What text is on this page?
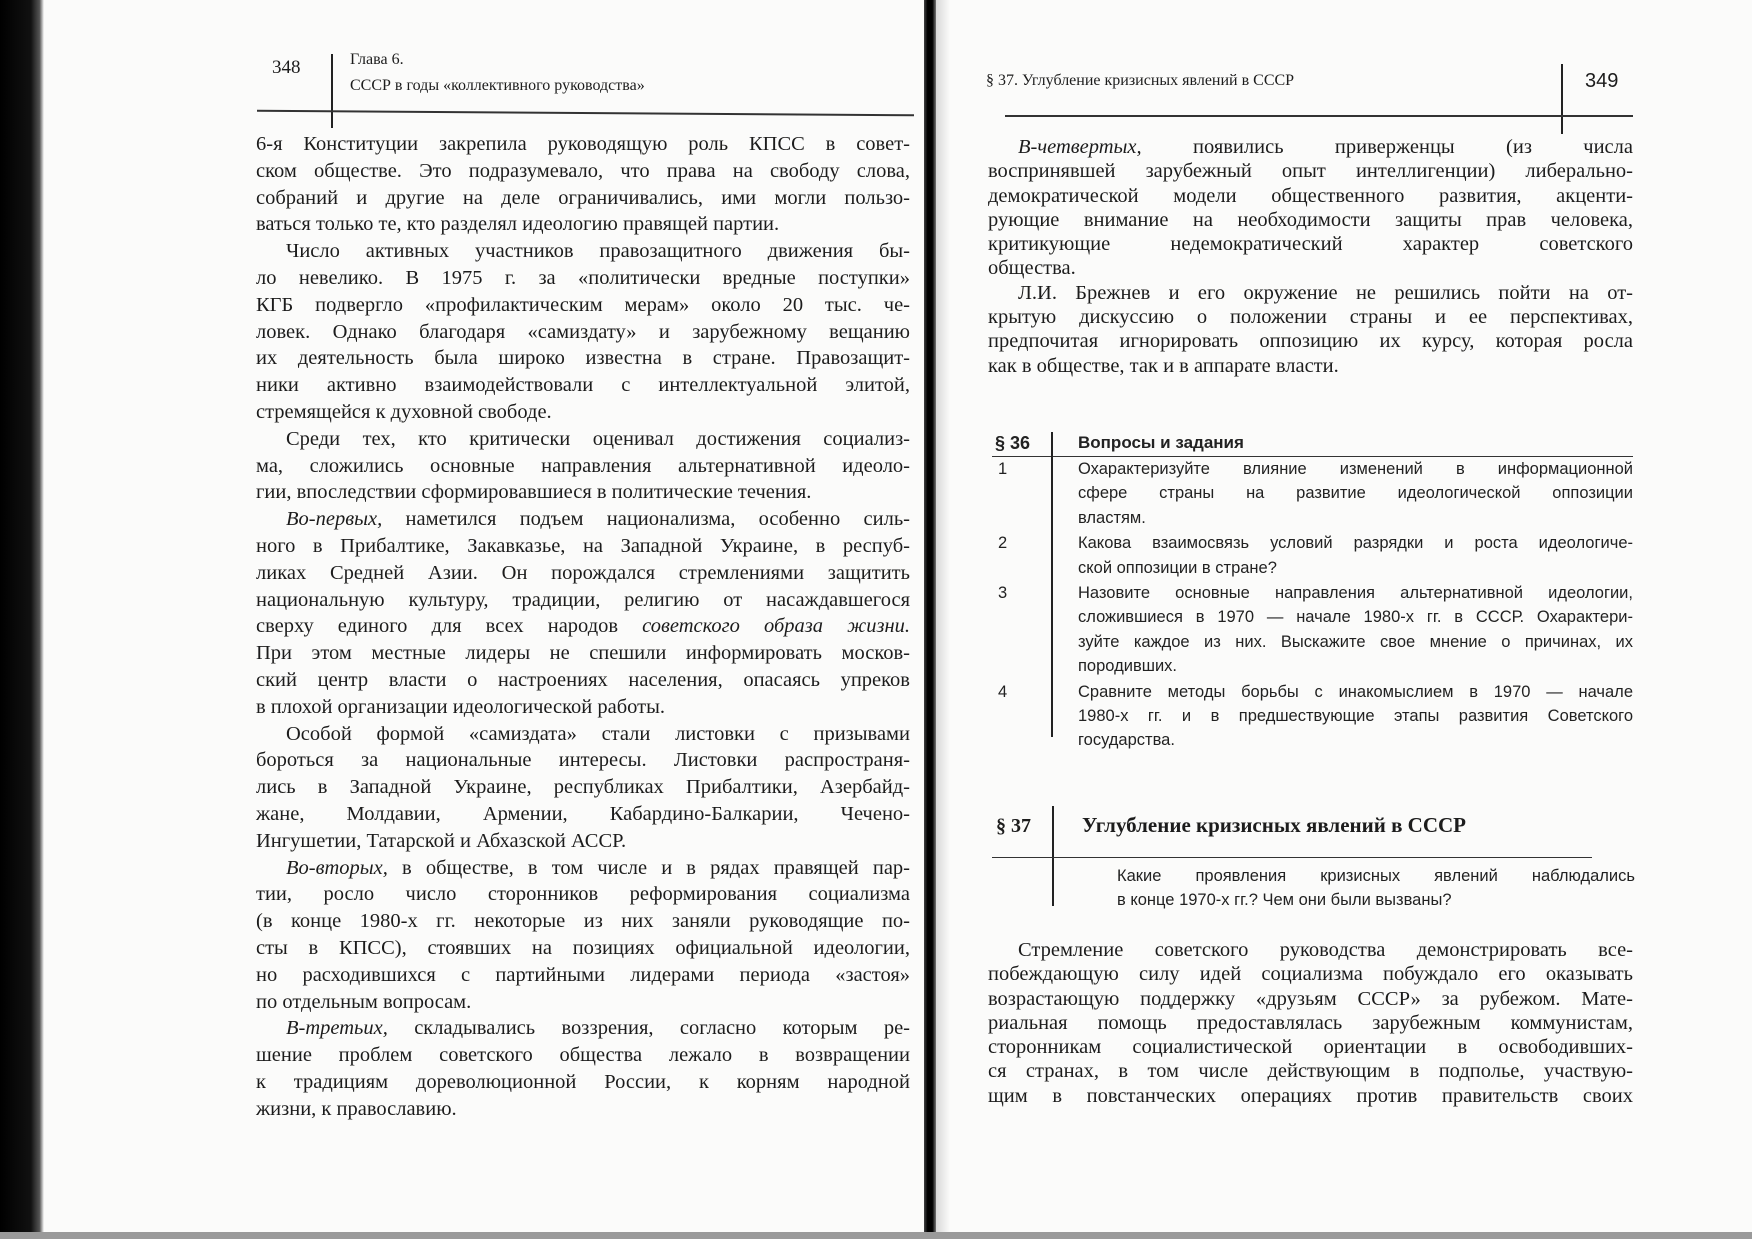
348	Глава 6.
СССР в годы «коллективного руководства»
6-я Конституции закрепила руководящую роль КПСС в совет-
ском обществе. Это подразумевало, что права на свободу слова,
собраний и другие на деле ограничивались, ими могли пользо-
ваться только те, кто разделял идеологию правящей партии.
Число активных участников правозащитного движения бы-
ло невелико. В 1975 г. за «политически вредные поступки»
КГБ подвергло «профилактическим мерам» около 20 тыс. че-
ловек. Однако благодаря «самиздату» и зарубежному вещанию
их деятельность была широко известна в стране. Правозащит-
ники активно взаимодействовали с интеллектуальной элитой,
стремящейся к духовной свободе.
Среди тех, кто критически оценивал достижения социализ-
ма, сложились основные направления альтернативной идеоло-
гии, впоследствии сформировавшиеся в политические течения.
Во-первых, наметился подъем национализма, особенно силь-
ного в Прибалтике, Закавказье, на Западной Украине, в респуб-
ликах Средней Азии. Он порождался стремлениями защитить
национальную культуру, традиции, религию от насаждавшегося
сверху единого для всех народов советского образа жизни.
При этом местные лидеры не спешили информировать москов-
ский центр власти о настроениях населения, опасаясь упреков
в плохой организации идеологической работы.
Особой формой «самиздата» стали листовки с призывами
бороться за национальные интересы. Листовки распространя-
лись в Западной Украине, республиках Прибалтики, Азербайд-
жане, Молдавии, Армении, Кабардино-Балкарии, Чечено-
Ингушетии, Татарской и Абхазской АССР.
Во-вторых, в обществе, в том числе и в рядах правящей пар-
тии, росло число сторонников реформирования социализма
(в конце 1980-х гг. некоторые из них заняли руководящие по-
сты в КПСС), стоявших на позициях официальной идеологии,
но расходившихся с партийными лидерами периода «застоя»
по отдельным вопросам.
В-третьих, складывались воззрения, согласно которым ре-
шение проблем советского общества лежало в возвращении
к традициям дореволюционной России, к корням народной
жизни, к православию.
§ 37. Углубление кризисных явлений в СССР	349
В-четвертых, появились приверженцы (из числа
воспринявшей зарубежный опыт интеллигенции) либерально-
демократической модели общественного развития, акценти-
рующие внимание на необходимости защиты прав человека,
критикующие недемократический характер советского
общества.
Л.И. Брежнев и его окружение не решились пойти на от-
крытую дискуссию о положении страны и ее перспективах,
предпочитая игнорировать оппозицию их курсу, которая росла
как в обществе, так и в аппарате власти.
§ 36	Вопросы и задания
1	Охарактеризуйте влияние изменений в информационной
сфере страны на развитие идеологической оппозиции
властям.
2	Какова взаимосвязь условий разрядки и роста идеологиче-
ской оппозиции в стране?
3	Назовите основные направления альтернативной идеологии,
сложившиеся в 1970 — начале 1980-х гг. в СССР. Охарактери-
зуйте каждое из них. Выскажите свое мнение о причинах, их
породивших.
4	Сравните методы борьбы с инакомыслием в 1970 — начале
1980-х гг. и в предшествующие этапы развития Советского
государства.
§ 37 Углубление кризисных явлений в СССР
Какие проявления кризисных явлений наблюдались
в конце 1970-х гг.? Чем они были вызваны?
Стремление советского руководства демонстрировать все-
побеждающую силу идей социализма побуждало его оказывать
возрастающую поддержку «друзьям СССР» за рубежом. Мате-
риальная помощь предоставлялась зарубежным коммунистам,
сторонникам социалистической ориентации в освободивших-
ся странах, в том числе действующим в подполье, участвую-
щим в повстанческих операциях против правительств своих
